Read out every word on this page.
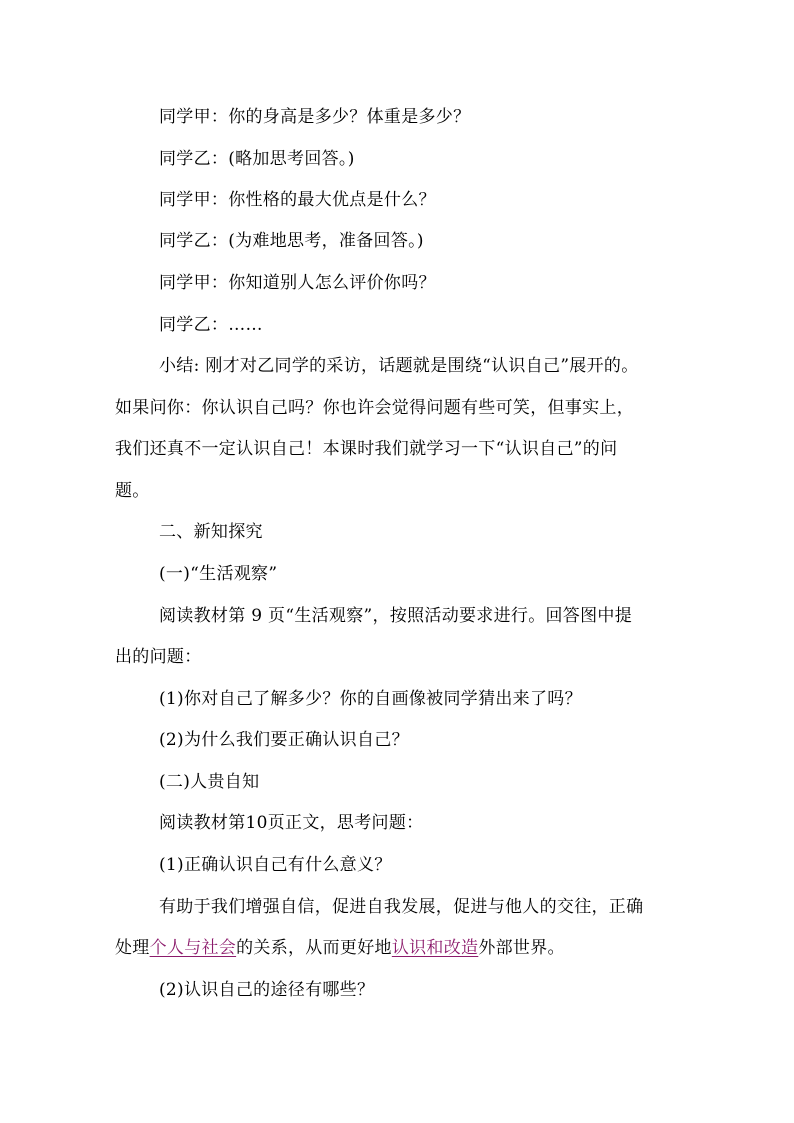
同学甲：你的身高是多少？体重是多少？
同学乙：(略加思考回答。)
同学甲：你性格的最大优点是什么？
同学乙：(为难地思考，准备回答。)
同学甲：你知道别人怎么评价你吗？
同学乙：……
小结: 刚才对乙同学的采访，话题就是围绕“认识自己”展开的。
如果问你：你认识自己吗？你也许会觉得问题有些可笑，但事实上，
我们还真不一定认识自己！本课时我们就学习一下“认识自己”的问
题。
二、新知探究
(一)“生活观察”
阅读教材第 9 页“生活观察”，按照活动要求进行。回答图中提
出的问题：
(1)你对自己了解多少？你的自画像被同学猜出来了吗？
(2)为什么我们要正确认识自己？
(二)人贵自知
阅读教材第10页正文，思考问题：
(1)正确认识自己有什么意义？
有助于我们增强自信，促进自我发展，促进与他人的交往，正确
处理个人与社会的关系，从而更好地认识和改造外部世界。
(2)认识自己的途径有哪些？
